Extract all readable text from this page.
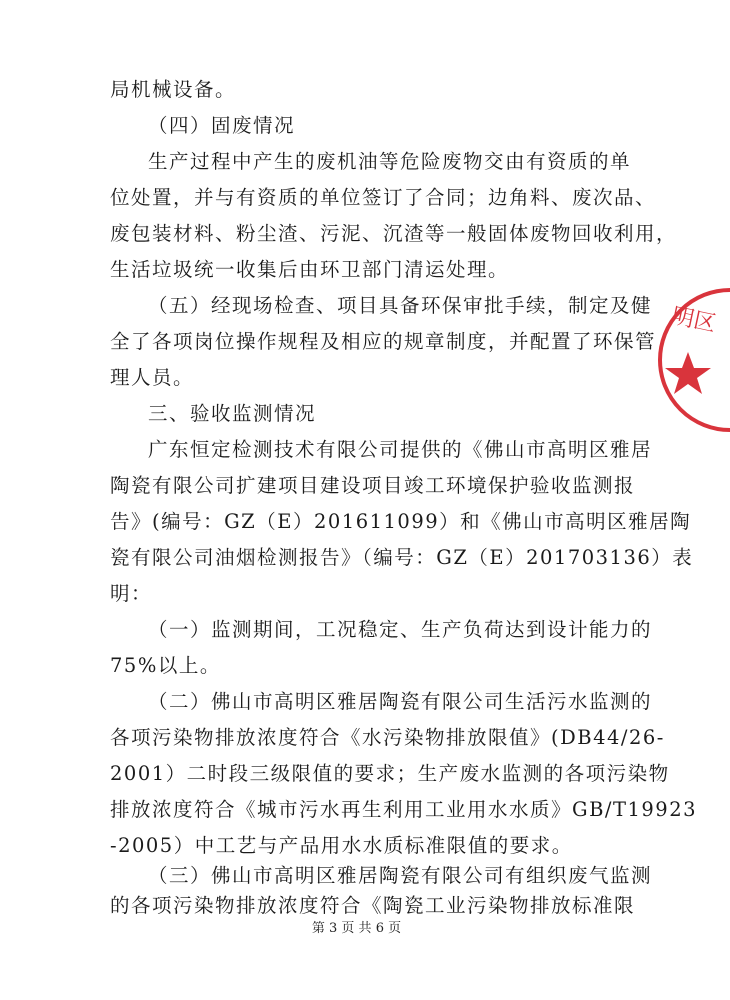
局机械设备。
（四）固废情况
生产过程中产生的废机油等危险废物交由有资质的单
位处置，并与有资质的单位签订了合同；边角料、废次品、
废包装材料、粉尘渣、污泥、沉渣等一般固体废物回收利用，
生活垃圾统一收集后由环卫部门清运处理。
（五）经现场检查、项目具备环保审批手续，制定及健
全了各项岗位操作规程及相应的规章制度，并配置了环保管
理人员。
三、验收监测情况
广东恒定检测技术有限公司提供的《佛山市高明区雅居
陶瓷有限公司扩建项目建设项目竣工环境保护验收监测报
告》(编号：GZ（E）201611099）和《佛山市高明区雅居陶
瓷有限公司油烟检测报告》（编号：GZ（E）201703136）表
明：
（一）监测期间，工况稳定、生产负荷达到设计能力的
75%以上。
（二）佛山市高明区雅居陶瓷有限公司生活污水监测的
各项污染物排放浓度符合《水污染物排放限值》(DB44/26-
2001）二时段三级限值的要求；生产废水监测的各项污染物
排放浓度符合《城市污水再生利用工业用水水质》GB/T19923
-2005）中工艺与产品用水水质标准限值的要求。
（三）佛山市高明区雅居陶瓷有限公司有组织废气监测
的各项污染物排放浓度符合《陶瓷工业污染物排放标准限
第 3 页 共 6 页
明区
